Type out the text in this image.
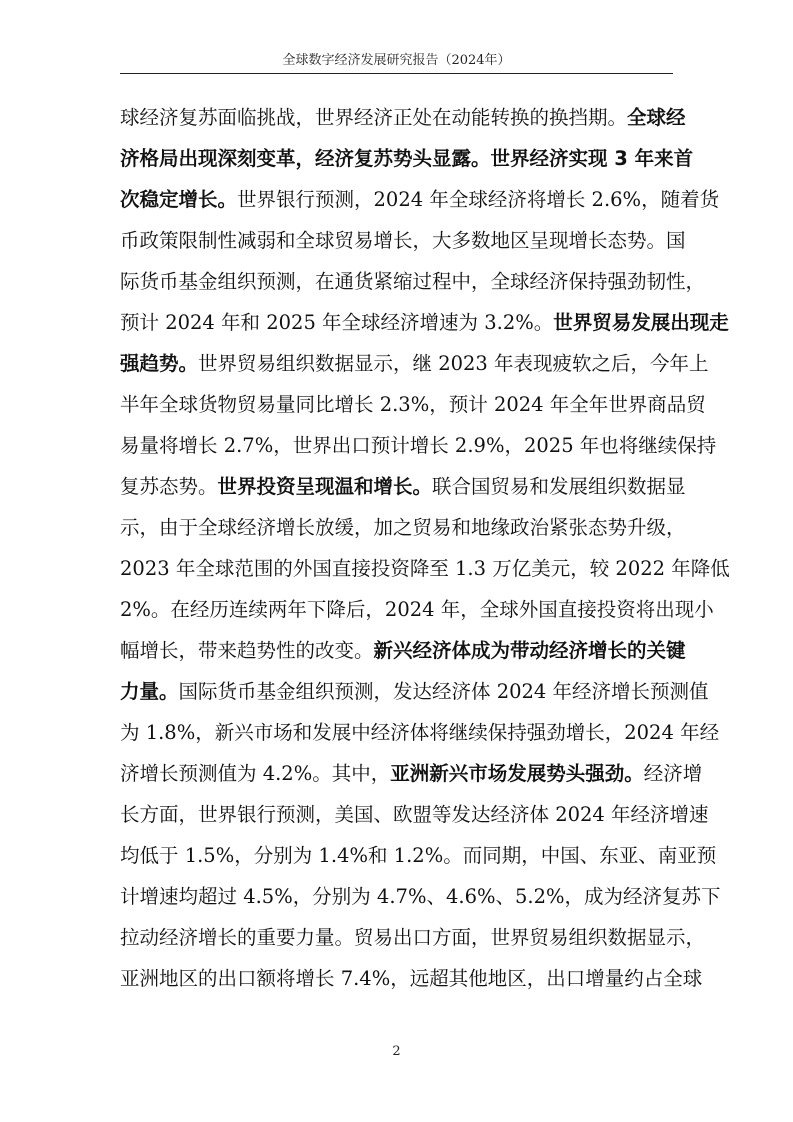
全球数字经济发展研究报告（2024年）
球经济复苏面临挑战，世界经济正处在动能转换的换挡期。全球经
济格局出现深刻变革，经济复苏势头显露。世界经济实现 3 年来首
次稳定增长。世界银行预测，2024 年全球经济将增长 2.6%，随着货
币政策限制性减弱和全球贸易增长，大多数地区呈现增长态势。国
际货币基金组织预测，在通货紧缩过程中，全球经济保持强劲韧性，
预计 2024 年和 2025 年全球经济增速为 3.2%。世界贸易发展出现走
强趋势。世界贸易组织数据显示，继 2023 年表现疲软之后，今年上
半年全球货物贸易量同比增长 2.3%，预计 2024 年全年世界商品贸
易量将增长 2.7%，世界出口预计增长 2.9%，2025 年也将继续保持
复苏态势。世界投资呈现温和增长。联合国贸易和发展组织数据显
示，由于全球经济增长放缓，加之贸易和地缘政治紧张态势升级，
2023 年全球范围的外国直接投资降至 1.3 万亿美元，较 2022 年降低
2%。在经历连续两年下降后，2024 年，全球外国直接投资将出现小
幅增长，带来趋势性的改变。新兴经济体成为带动经济增长的关键
力量。国际货币基金组织预测，发达经济体 2024 年经济增长预测值
为 1.8%，新兴市场和发展中经济体将继续保持强劲增长，2024 年经
济增长预测值为 4.2%。其中，亚洲新兴市场发展势头强劲。经济增
长方面，世界银行预测，美国、欧盟等发达经济体 2024 年经济增速
均低于 1.5%，分别为 1.4%和 1.2%。而同期，中国、东亚、南亚预
计增速均超过 4.5%，分别为 4.7%、4.6%、5.2%，成为经济复苏下
拉动经济增长的重要力量。贸易出口方面，世界贸易组织数据显示，
亚洲地区的出口额将增长 7.4%，远超其他地区，出口增量约占全球
2
